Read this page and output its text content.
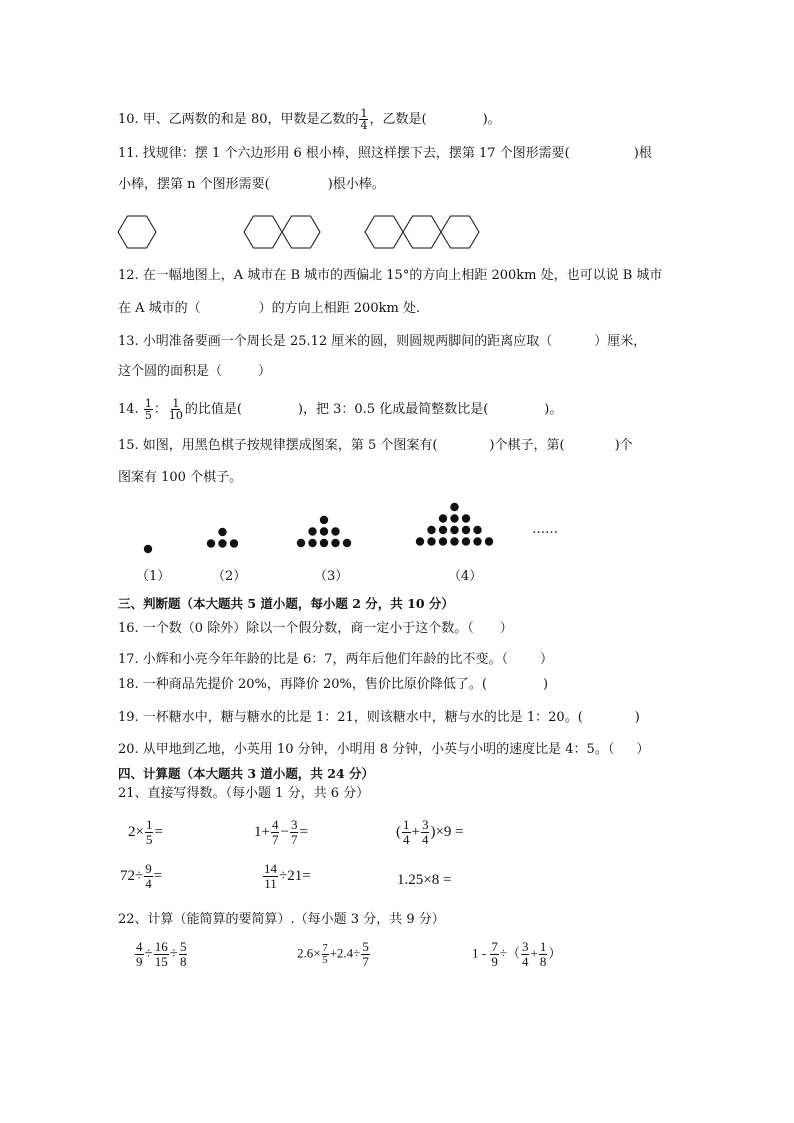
10. 甲、乙两数的和是 80，甲数是乙数的 $\frac{1}{4}$ ，乙数是(	)。
11. 找规律：摆 1 个六边形用 6 根小棒，照这样摆下去，摆第 17 个图形需要(	)根
小棒，摆第 n 个图形需要(	)根小棒。
12. 在一幅地图上，A 城市在 B 城市的西偏北 15°的方向上相距 200km 处，也可以说 B 城市
在 A 城市的（	）的方向上相距 200km 处.
13. 小明准备要画一个周长是 25.12 厘米的圆，则圆规两脚间的距离应取（	）厘米，
这个圆的面积是（	）
14. $\frac{1}{5}$ ： $\frac{1}{10}$ 的比值是(	)，把 3：0.5 化成最简整数比是(	)。
15. 如图，用黑色棋子按规律摆成图案，第 5 个图案有(	)个棋子，第(	)个
图案有 100 个棋子。
（1）	（2）	（3）	（4）
……
三、判断题（本大题共 5 道小题，每小题 2 分，共 10 分）
16. 一个数（0 除外）除以一个假分数，商一定小于这个数。（ ）
17. 小辉和小亮今年年龄的比是 6：7，两年后他们年龄的比不变。（ ）
18. 一种商品先提价 20%，再降价 20%，售价比原价降低了。(	)
19. 一杯糖水中，糖与糖水的比是 1：21，则该糖水中，糖与水的比是 1：20。(	)
20. 从甲地到乙地，小英用 10 分钟，小明用 8 分钟，小英与小明的速度比是 4：5。（ ）
四、计算题（本大题共 3 道小题，共 24 分）
21、直接写得数。（每小题 1 分，共 6 分）
$2\times \frac{1}{5}$ =	$1+ \frac{4}{7} - \frac{3}{7}$ =	( $\frac{1}{4} + \frac{3}{4} )\times 9$ =
$72\div \frac{9}{4}$ =	$\frac{14}{11} \div 21=$	1.25×8 =
22、计算（能简算的要简算）.（每小题 3 分，共 9 分）
$\frac{4}{9} \div \frac{16}{15} \div \frac{5}{8}$	$2.6\times \frac{7}{5} +2.4\div \frac{5}{7}$	$1 - \frac{7}{9}$ ÷（ $\frac{3}{4} + \frac{1}{8}$ ）
